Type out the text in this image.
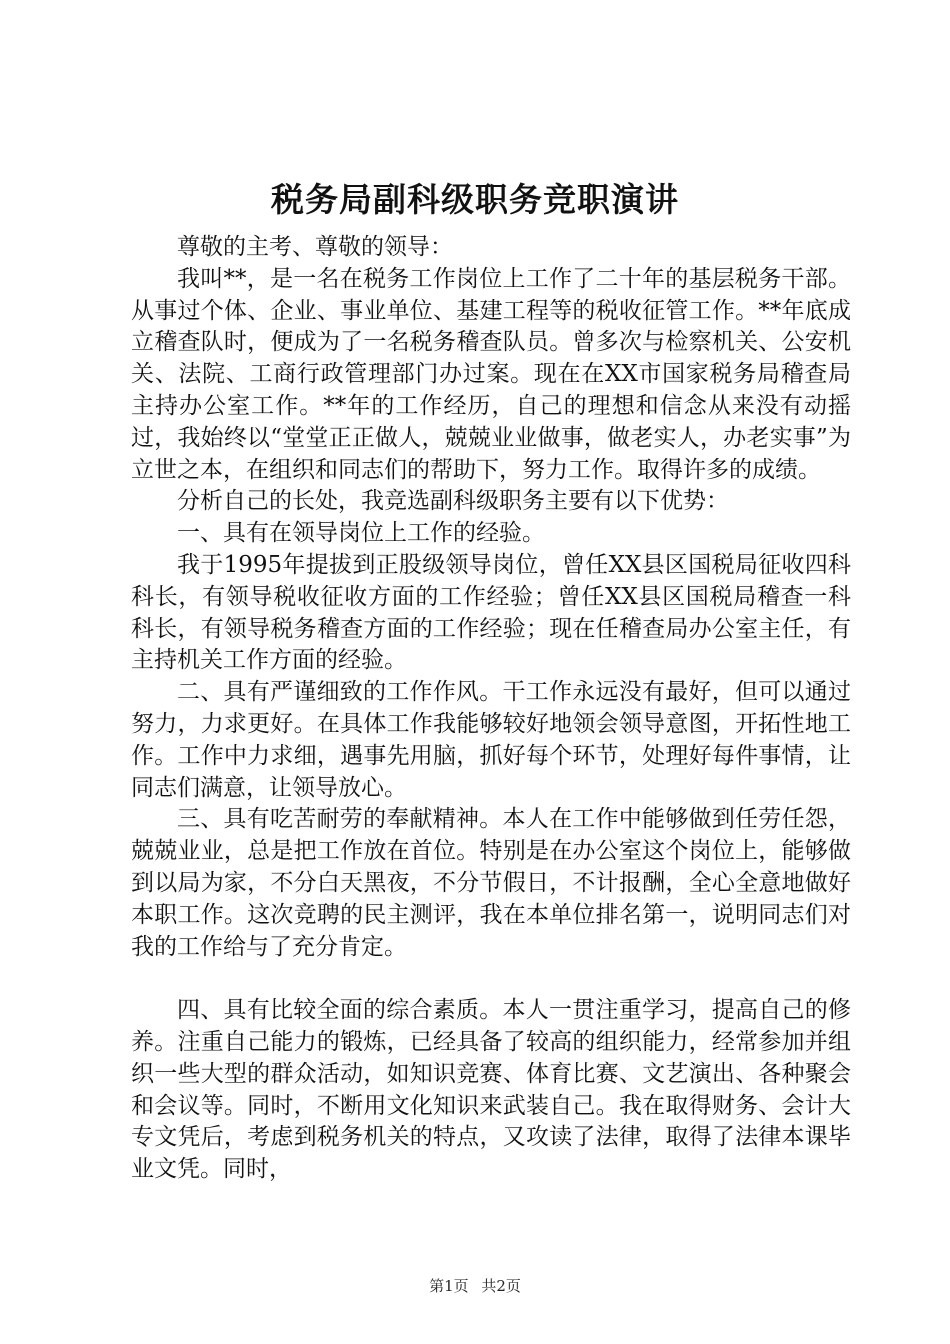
税务局副科级职务竞职演讲

尊敬的主考、尊敬的领导：

我叫**，是一名在税务工作岗位上工作了二十年的基层税务干部。从事过个体、企业、事业单位、基建工程等的税收征管工作。**年底成立稽查队时，便成为了一名税务稽查队员。曾多次与检察机关、公安机关、法院、工商行政管理部门办过案。现在在XX市国家税务局稽查局主持办公室工作。**年的工作经历，自己的理想和信念从来没有动摇过，我始终以“堂堂正正做人，兢兢业业做事，做老实人，办老实事”为立世之本，在组织和同志们的帮助下，努力工作。取得许多的成绩。

分析自己的长处，我竞选副科级职务主要有以下优势：

一、具有在领导岗位上工作的经验。

我于1995年提拔到正股级领导岗位，曾任XX县区国税局征收四科科长，有领导税收征收方面的工作经验；曾任XX县区国税局稽查一科科长，有领导税务稽查方面的工作经验；现在任稽查局办公室主任，有主持机关工作方面的经验。

二、具有严谨细致的工作作风。干工作永远没有最好，但可以通过努力，力求更好。在具体工作我能够较好地领会领导意图，开拓性地工作。工作中力求细，遇事先用脑，抓好每个环节，处理好每件事情，让同志们满意，让领导放心。

三、具有吃苦耐劳的奉献精神。本人在工作中能够做到任劳任怨，兢兢业业，总是把工作放在首位。特别是在办公室这个岗位上，能够做到以局为家，不分白天黑夜，不分节假日，不计报酬，全心全意地做好本职工作。这次竞聘的民主测评，我在本单位排名第一，说明同志们对我的工作给与了充分肯定。

四、具有比较全面的综合素质。本人一贯注重学习，提高自己的修养。注重自己能力的锻炼，已经具备了较高的组织能力，经常参加并组织一些大型的群众活动，如知识竞赛、体育比赛、文艺演出、各种聚会和会议等。同时，不断用文化知识来武装自己。我在取得财务、会计大专文凭后，考虑到税务机关的特点，又攻读了法律，取得了法律本课毕业文凭。同时，

第1页 共2页
